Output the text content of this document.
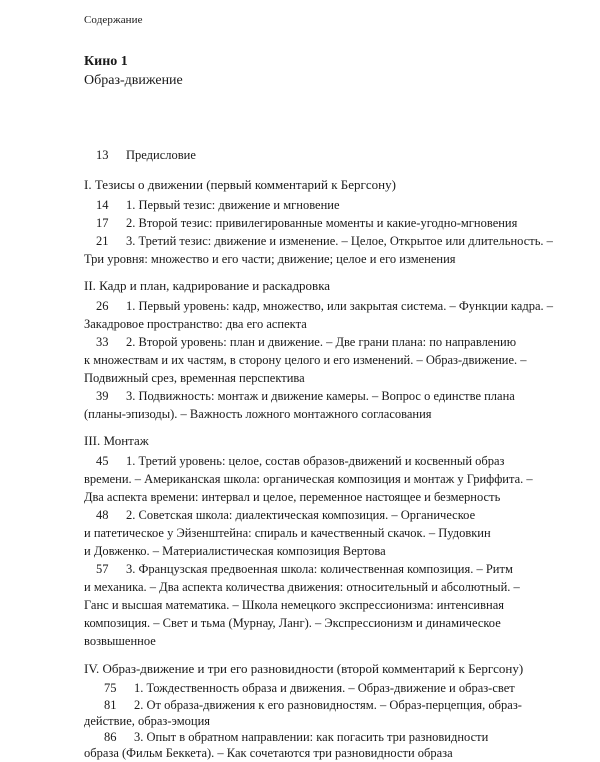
Содержание
Кино 1
Образ-движение
13 Предисловие
I. Тезисы о движении (первый комментарий к Бергсону)
14 1. Первый тезис: движение и мгновение
17 2. Второй тезис: привилегированные моменты и какие-угодно-мгновения
21 3. Третий тезис: движение и изменение. – Целое, Открытое или длительность. –
Три уровня: множество и его части; движение; целое и его изменения
II. Кадр и план, кадрирование и раскадровка
26 1. Первый уровень: кадр, множество, или закрытая система. – Функции кадра. –
Закадровое пространство: два его аспекта
33 2. Второй уровень: план и движение. – Две грани плана: по направлению
к множествам и их частям, в сторону целого и его изменений. – Образ-движение. –
Подвижный срез, временная перспектива
39 3. Подвижность: монтаж и движение камеры. – Вопрос о единстве плана
(планы-эпизоды). – Важность ложного монтажного согласования
III. Монтаж
45 1. Третий уровень: целое, состав образов-движений и косвенный образ
времени. – Американская школа: органическая композиция и монтаж у Гриффита. –
Два аспекта времени: интервал и целое, переменное настоящее и безмерность
48 2. Советская школа: диалектическая композиция. – Органическое
и патетическое у Эйзенштейна: спираль и качественный скачок. – Пудовкин
и Довженко. – Материалистическая композиция Вертова
57 3. Французская предвоенная школа: количественная композиция. – Ритм
и механика. – Два аспекта количества движения: относительный и абсолютный. –
Ганс и высшая математика. – Школа немецкого экспрессионизма: интенсивная
композиция. – Свет и тьма (Мурнау, Ланг). – Экспрессионизм и динамическое
возвышенное
IV. Образ-движение и три его разновидности (второй комментарий к Бергсону)
75 1. Тождественность образа и движения. – Образ-движение и образ-свет
81 2. От образа-движения к его разновидностям. – Образ-перцепция, образ-
действие, образ-эмоция
86 3. Опыт в обратном направлении: как погасить три разновидности
образа (Фильм Беккета). – Как сочетаются три разновидности образа
